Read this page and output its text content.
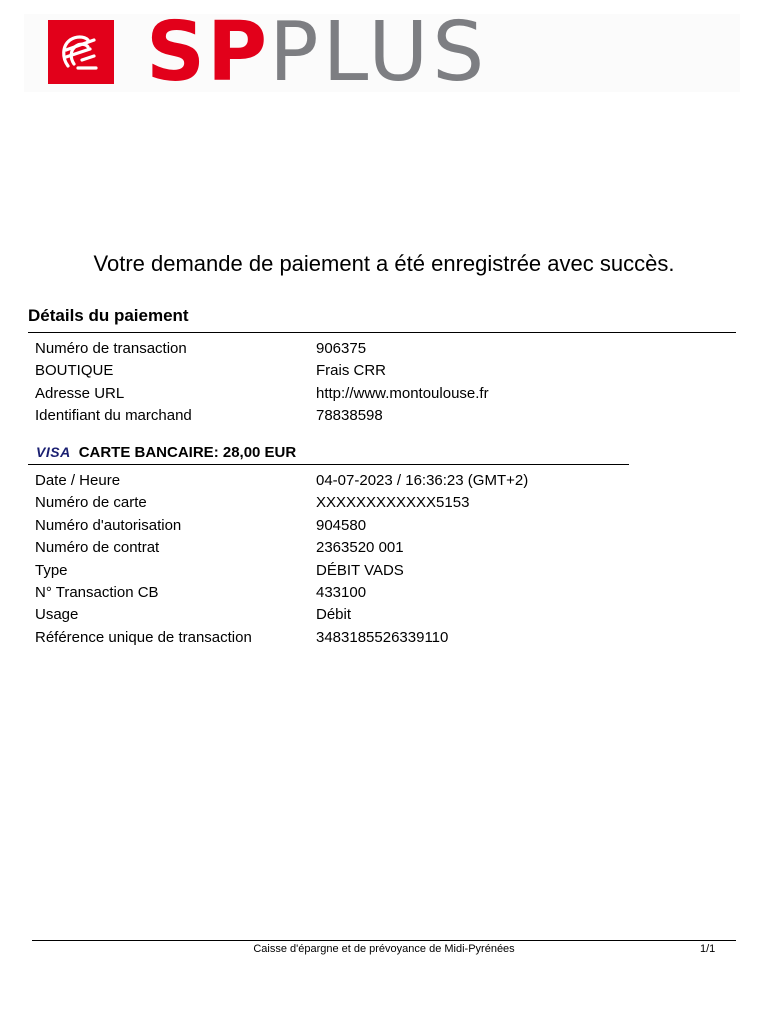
SP PLUS
Votre demande de paiement a été enregistrée avec succès.
Détails du paiement
Numéro de transaction	906375
BOUTIQUE	Frais CRR
Adresse URL	http://www.montoulouse.fr
Identifiant du marchand	78838598
VISA CARTE BANCAIRE: 28,00 EUR
Date / Heure	04-07-2023 / 16:36:23 (GMT+2)
Numéro de carte	XXXXXXXXXXXX5153
Numéro d'autorisation	904580
Numéro de contrat	2363520 001
Type	DÉBIT VADS
N° Transaction CB	433100
Usage	Débit
Référence unique de transaction	3483185526339110
Caisse d'épargne et de prévoyance de Midi-Pyrénées	1/1
